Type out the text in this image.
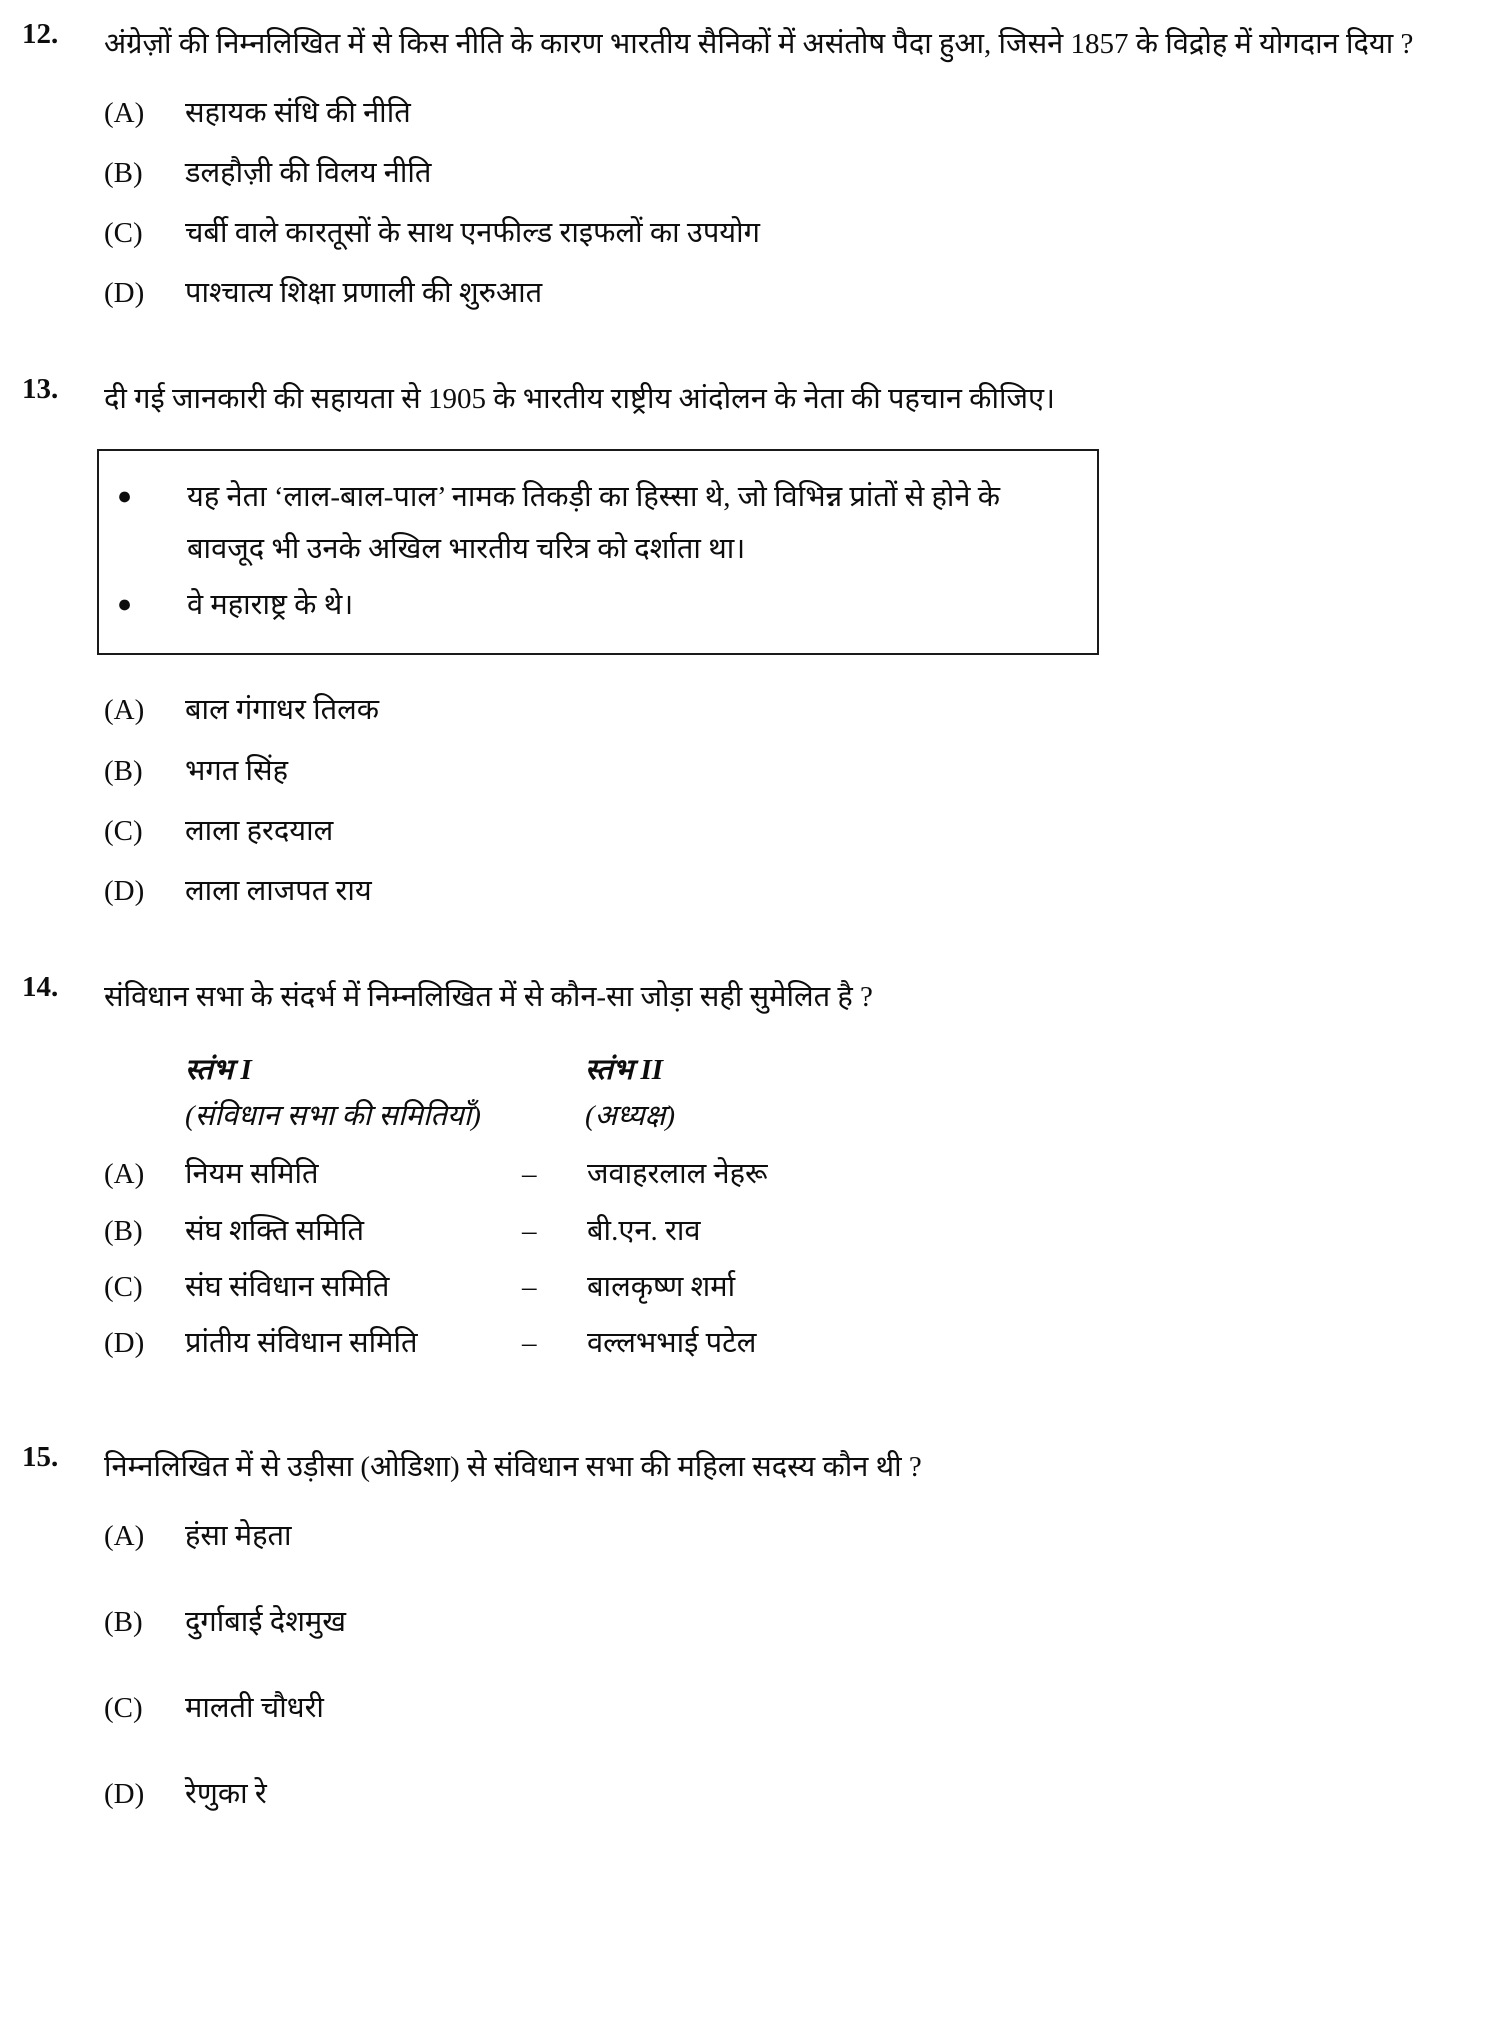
12.	अंग्रेज़ों की निम्नलिखित में से किस नीति के कारण भारतीय सैनिकों में असंतोष पैदा हुआ, जिसने 1857 के विद्रोह में योगदान दिया ?
(A)	सहायक संधि की नीति
(B)	डलहौज़ी की विलय नीति
(C)	चर्बी वाले कारतूसों के साथ एनफील्ड राइफलों का उपयोग
(D)	पाश्चात्य शिक्षा प्रणाली की शुरुआत
13.	दी गई जानकारी की सहायता से 1905 के भारतीय राष्ट्रीय आंदोलन के नेता की पहचान कीजिए।
●	यह नेता ‘लाल-बाल-पाल’ नामक तिकड़ी का हिस्सा थे, जो विभिन्न प्रांतों से होने के बावजूद भी उनके अखिल भारतीय चरित्र को दर्शाता था।
●	वे महाराष्ट्र के थे।
(A)	बाल गंगाधर तिलक
(B)	भगत सिंह
(C)	लाला हरदयाल
(D)	लाला लाजपत राय
14.	संविधान सभा के संदर्भ में निम्नलिखित में से कौन-सा जोड़ा सही सुमेलित है ?
स्तंभ I	स्तंभ II
(संविधान सभा की समितियाँ)	(अध्यक्ष)
(A)	नियम समिति	–	जवाहरलाल नेहरू
(B)	संघ शक्ति समिति	–	बी.एन. राव
(C)	संघ संविधान समिति	–	बालकृष्ण शर्मा
(D)	प्रांतीय संविधान समिति	–	वल्लभभाई पटेल
15.	निम्नलिखित में से उड़ीसा (ओडिशा) से संविधान सभा की महिला सदस्य कौन थी ?
(A)	हंसा मेहता
(B)	दुर्गाबाई देशमुख
(C)	मालती चौधरी
(D)	रेणुका रे
